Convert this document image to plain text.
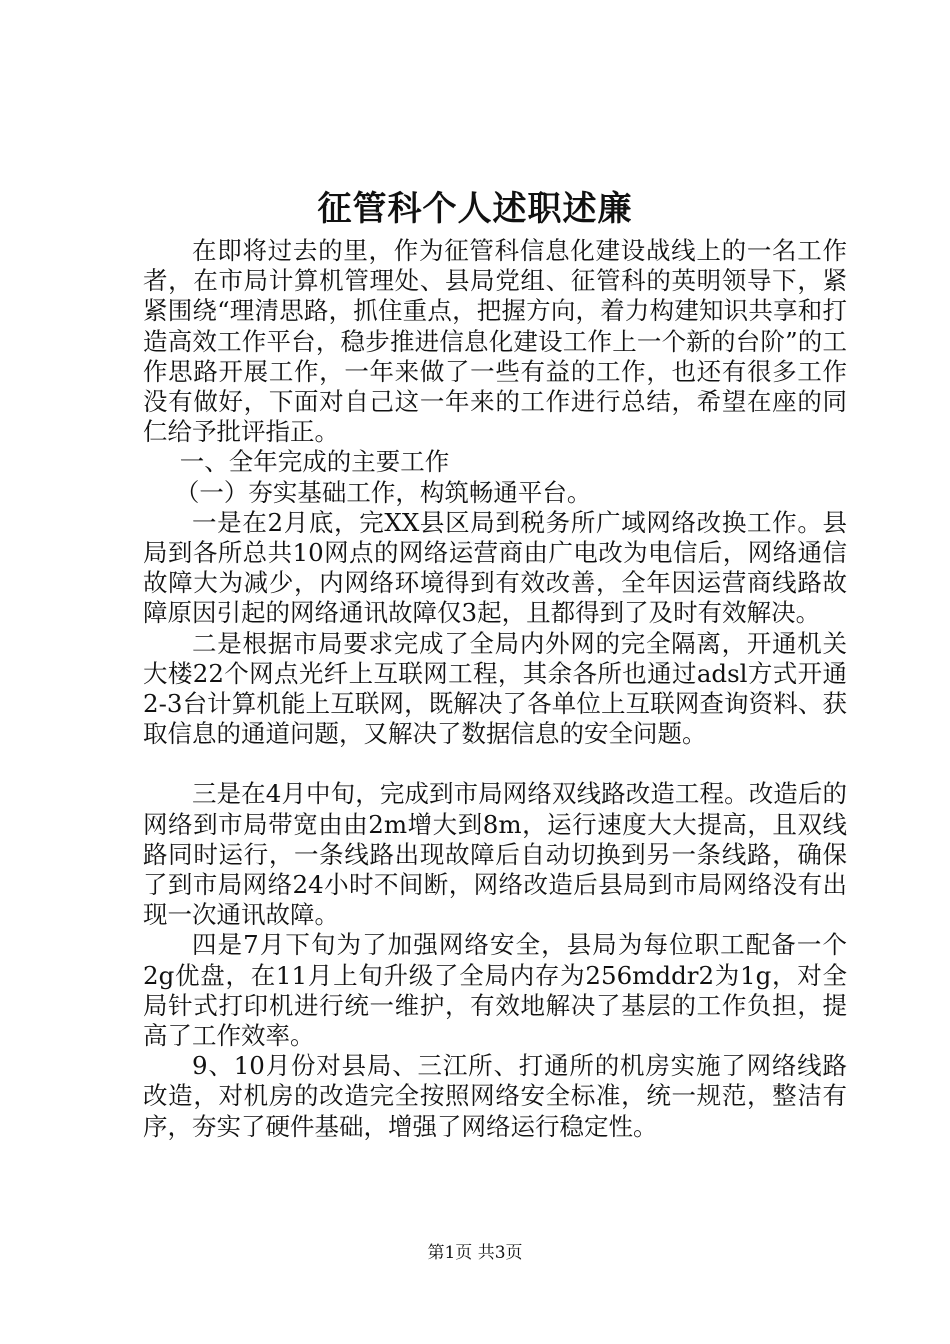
征管科个人述职述廉

在即将过去的里，作为征管科信息化建设战线上的一名工作者，在市局计算机管理处、县局党组、征管科的英明领导下，紧紧围绕“理清思路，抓住重点，把握方向，着力构建知识共享和打造高效工作平台，稳步推进信息化建设工作上一个新的台阶”的工作思路开展工作，一年来做了一些有益的工作，也还有很多工作没有做好，下面对自己这一年来的工作进行总结，希望在座的同仁给予批评指正。

一、全年完成的主要工作

（一）夯实基础工作，构筑畅通平台。

一是在2月底，完XX县区局到税务所广域网络改换工作。县局到各所总共10网点的网络运营商由广电改为电信后，网络通信故障大为减少，内网络环境得到有效改善，全年因运营商线路故障原因引起的网络通讯故障仅3起，且都得到了及时有效解决。

二是根据市局要求完成了全局内外网的完全隔离，开通机关大楼22个网点光纤上互联网工程，其余各所也通过adsl方式开通2-3台计算机能上互联网，既解决了各单位上互联网查询资料、获取信息的通道问题，又解决了数据信息的安全问题。

三是在4月中旬，完成到市局网络双线路改造工程。改造后的网络到市局带宽由由2m增大到8m，运行速度大大提高，且双线路同时运行，一条线路出现故障后自动切换到另一条线路，确保了到市局网络24小时不间断，网络改造后县局到市局网络没有出现一次通讯故障。

四是7月下旬为了加强网络安全，县局为每位职工配备一个2g优盘，在11月上旬升级了全局内存为256mddr2为1g，对全局针式打印机进行统一维护，有效地解决了基层的工作负担，提高了工作效率。

9、10月份对县局、三江所、打通所的机房实施了网络线路改造，对机房的改造完全按照网络安全标准，统一规范，整洁有序，夯实了硬件基础，增强了网络运行稳定性。

第1页 共3页
